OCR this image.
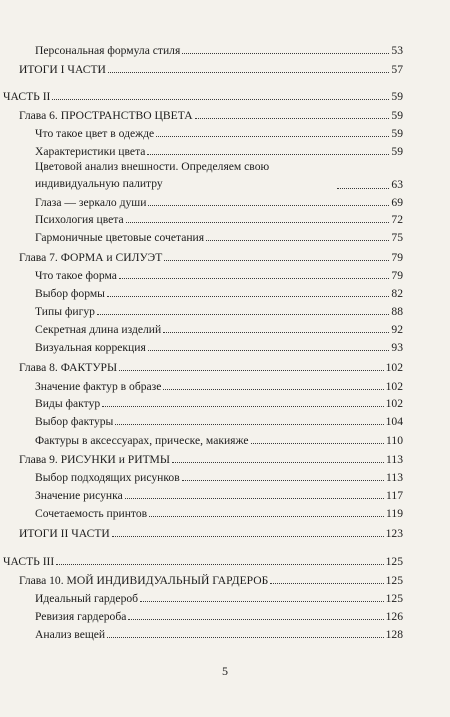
Персональная формула стиля	53
ИТОГИ I ЧАСТИ	57
ЧАСТЬ II	59
Глава 6. ПРОСТРАНСТВО ЦВЕТА	59
Что такое цвет в одежде	59
Характеристики цвета	59
Цветовой анализ внешности. Определяем свою индивидуальную палитру	63
Глаза — зеркало души	69
Психология цвета	72
Гармоничные цветовые сочетания	75
Глава 7. ФОРМА и СИЛУЭТ	79
Что такое форма	79
Выбор формы	82
Типы фигур	88
Секретная длина изделий	92
Визуальная коррекция	93
Глава 8. ФАКТУРЫ	102
Значение фактур в образе	102
Виды фактур	102
Выбор фактуры	104
Фактуры в аксессуарах, прическе, макияже	110
Глава 9. РИСУНКИ и РИТМЫ	113
Выбор подходящих рисунков	113
Значение рисунка	117
Сочетаемость принтов	119
ИТОГИ II ЧАСТИ	123
ЧАСТЬ III	125
Глава 10. МОЙ ИНДИВИДУАЛЬНЫЙ ГАРДЕРОБ	125
Идеальный гардероб	125
Ревизия гардероба	126
Анализ вещей	128
5
